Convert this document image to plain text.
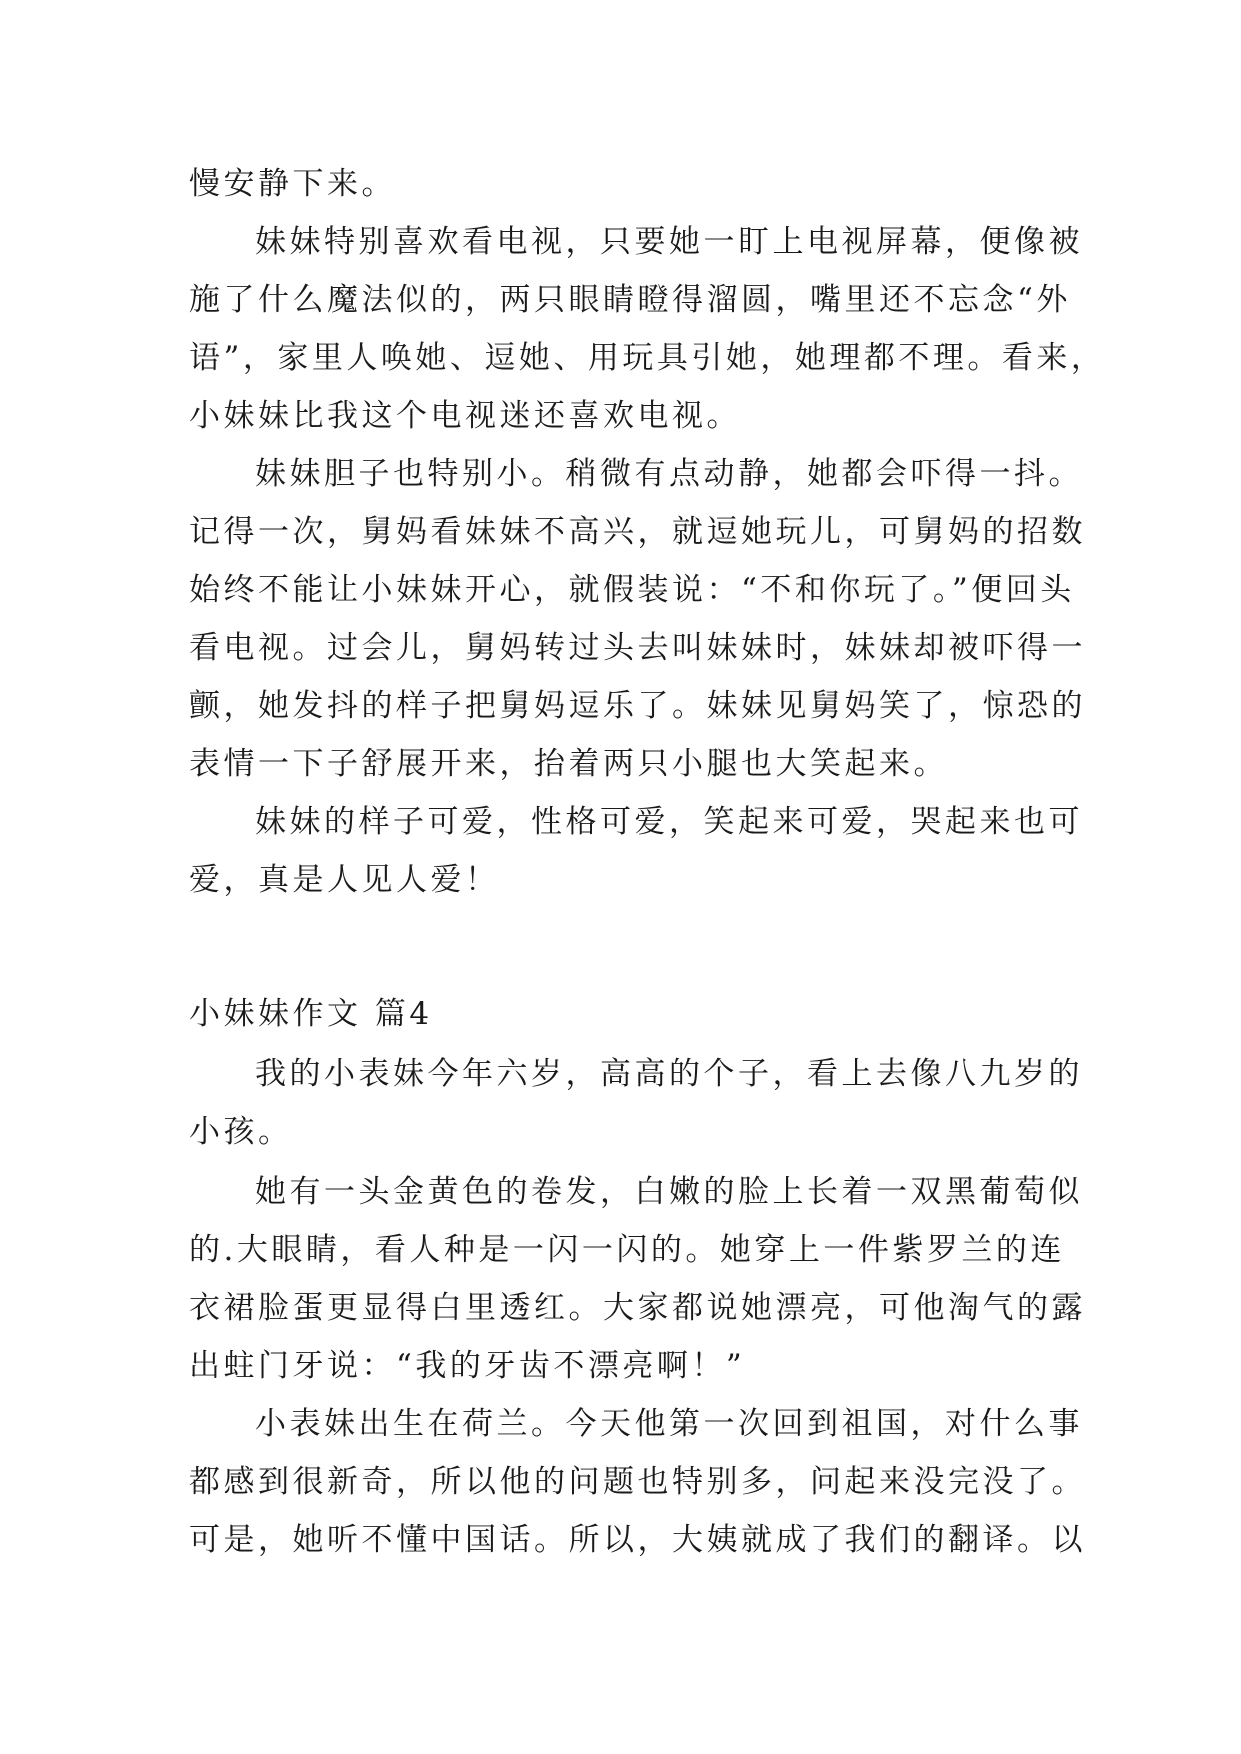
慢安静下来。
妹妹特别喜欢看电视，只要她一盯上电视屏幕，便像被
施了什么魔法似的，两只眼睛瞪得溜圆，嘴里还不忘念“外
语”，家里人唤她、逗她、用玩具引她，她理都不理。看来，
小妹妹比我这个电视迷还喜欢电视。
妹妹胆子也特别小。稍微有点动静，她都会吓得一抖。
记得一次，舅妈看妹妹不高兴，就逗她玩儿，可舅妈的招数
始终不能让小妹妹开心，就假装说：“不和你玩了。”便回头
看电视。过会儿，舅妈转过头去叫妹妹时，妹妹却被吓得一
颤，她发抖的样子把舅妈逗乐了。妹妹见舅妈笑了，惊恐的
表情一下子舒展开来，抬着两只小腿也大笑起来。
妹妹的样子可爱，性格可爱，笑起来可爱，哭起来也可
爱，真是人见人爱！
小妹妹作文 篇4
我的小表妹今年六岁，高高的个子，看上去像八九岁的
小孩。
她有一头金黄色的卷发，白嫩的脸上长着一双黑葡萄似
的.大眼睛，看人种是一闪一闪的。她穿上一件紫罗兰的连
衣裙脸蛋更显得白里透红。大家都说她漂亮，可他淘气的露
出蛀门牙说：“我的牙齿不漂亮啊！”
小表妹出生在荷兰。今天他第一次回到祖国，对什么事
都感到很新奇，所以他的问题也特别多，问起来没完没了。
可是，她听不懂中国话。所以，大姨就成了我们的翻译。以
